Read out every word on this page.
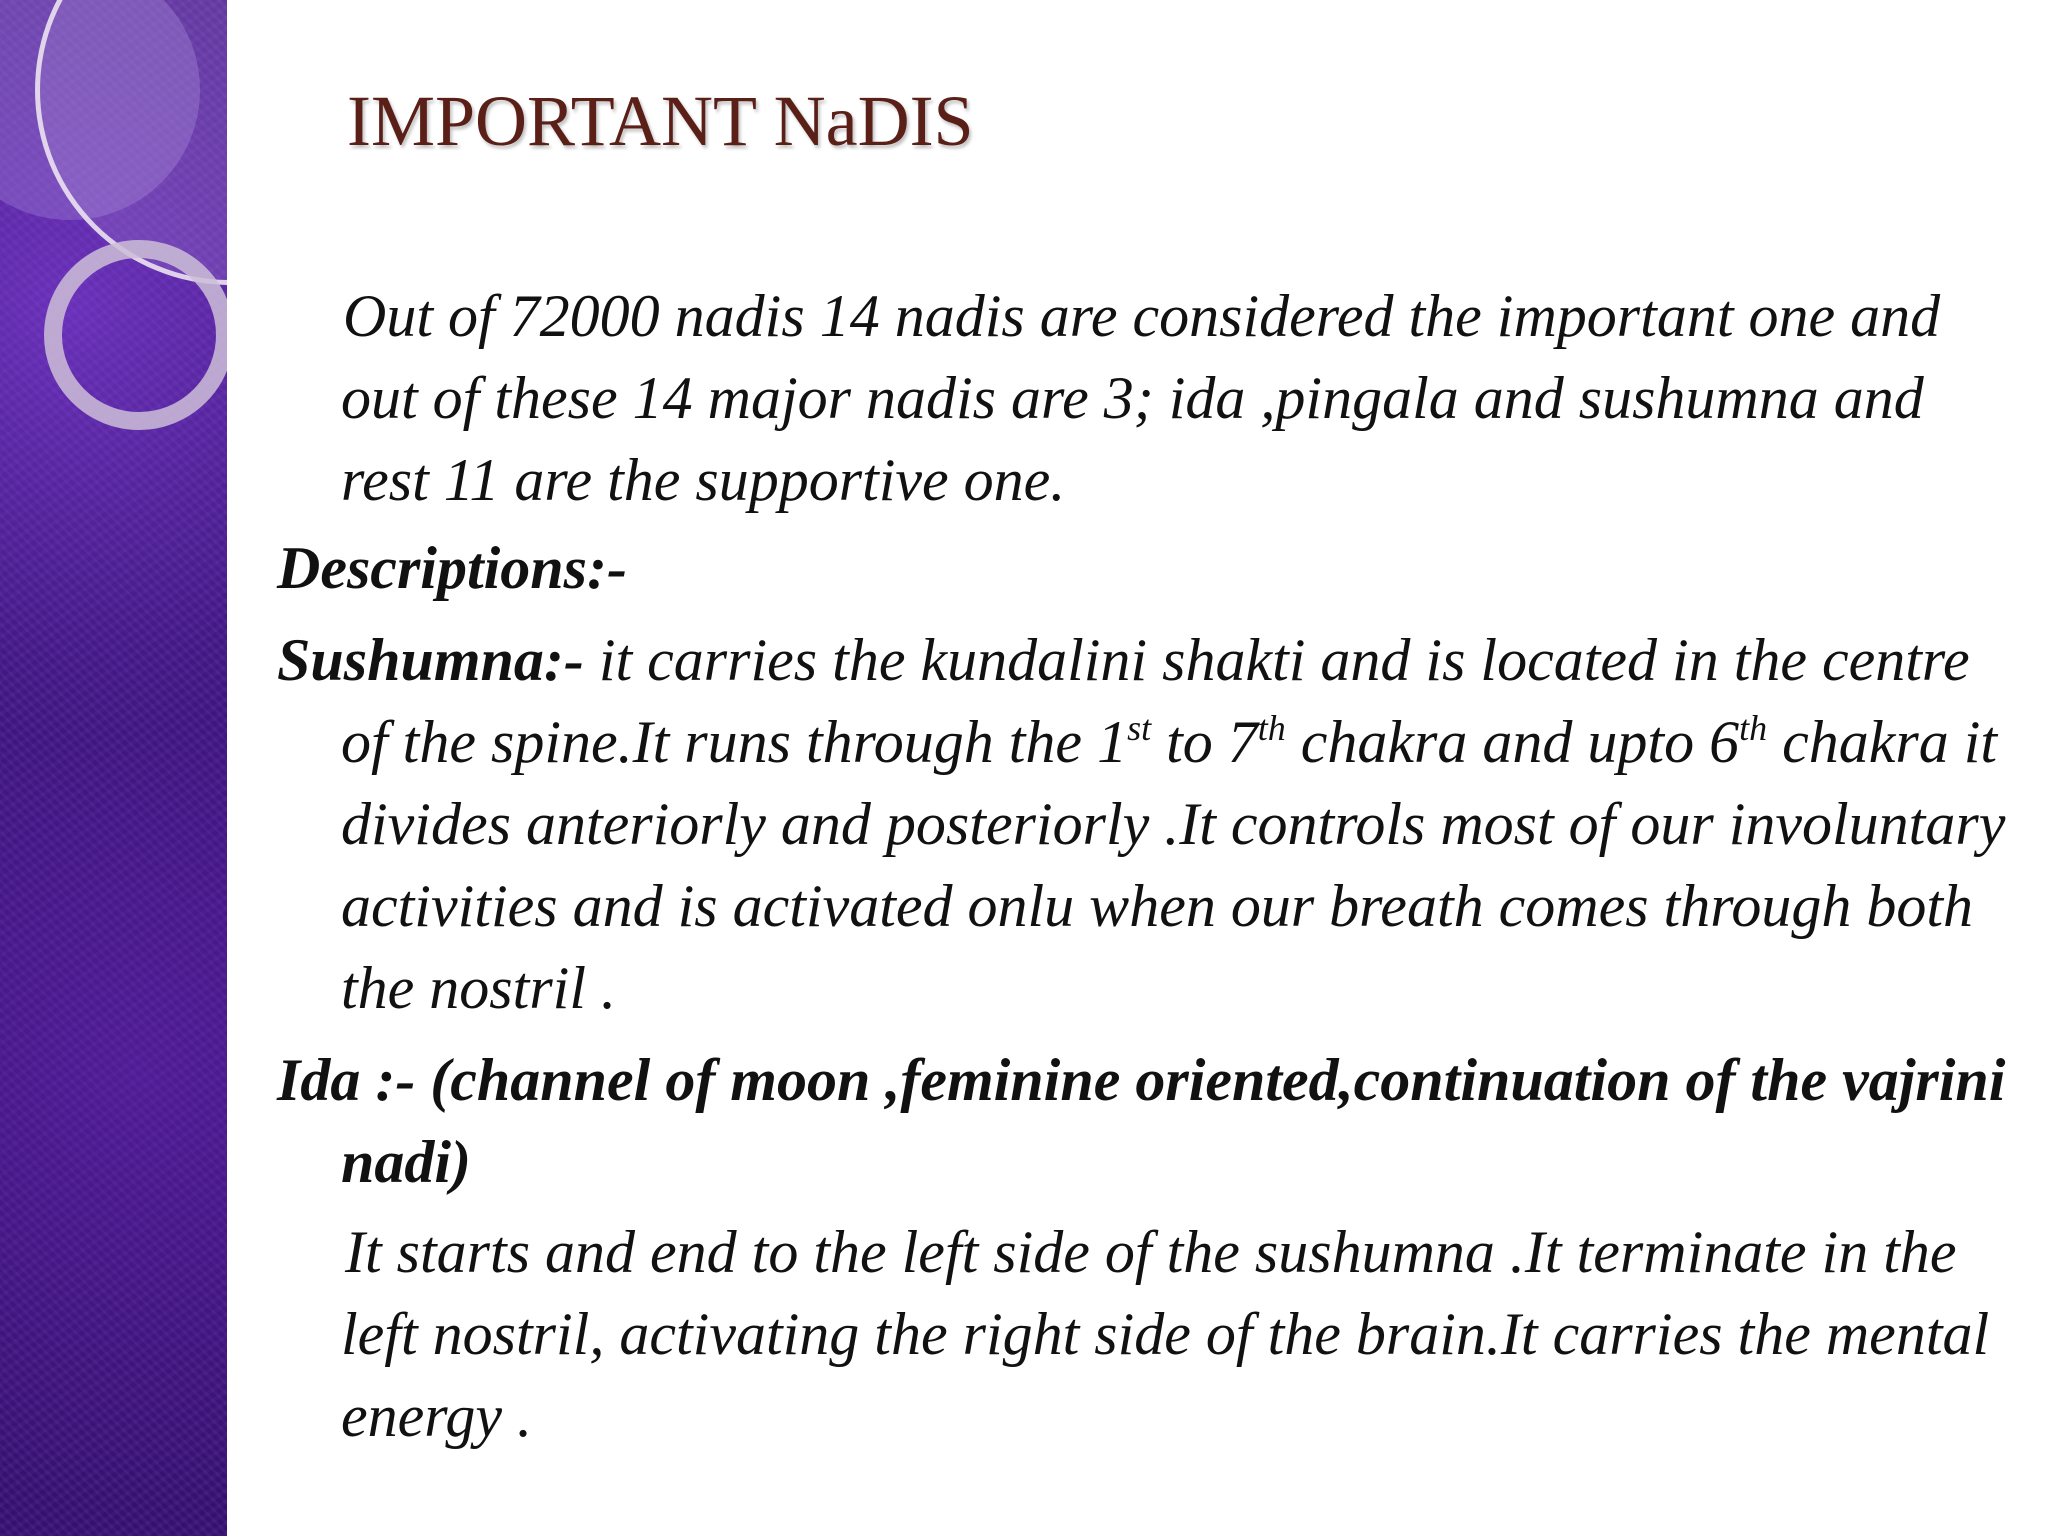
IMPORTANT NaDIS

Out of 72000 nadis 14 nadis are considered the important one and out of these 14 major nadis are 3; ida ,pingala and sushumna and rest 11 are the supportive one.

Descriptions:-

Sushumna:- it carries the kundalini shakti and is located in the centre of the spine.It runs through the 1st to 7th chakra and upto 6th chakra it divides anteriorly and posteriorly .It controls most of our involuntary activities and is activated onlu when our breath comes through both the nostril .

Ida :- (channel of moon ,feminine oriented,continuation of the vajrini nadi)

It starts and end to the left side of the sushumna .It terminate in the left nostril, activating the right side of the brain.It carries the mental energy .
